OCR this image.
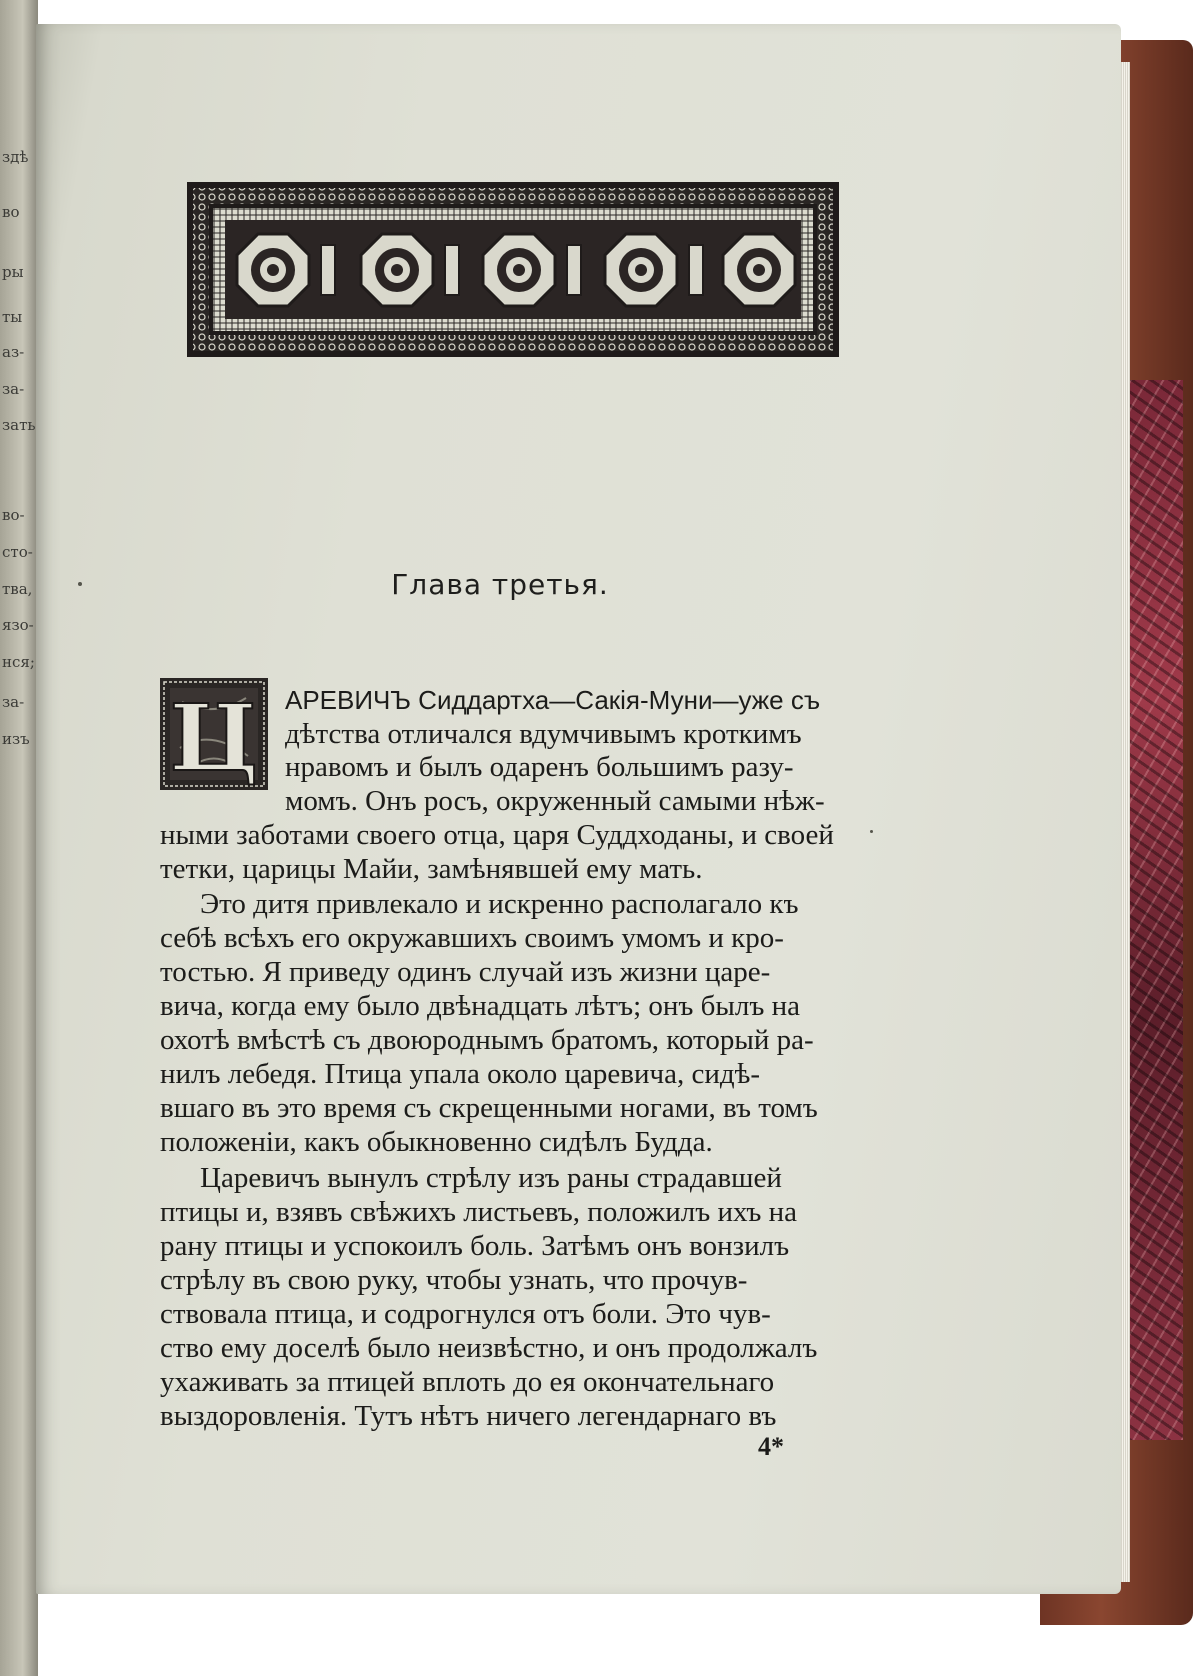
здѣ
во
ры
ты
аз-
за-
зать
во-
сто-
тва,
язо-
нся;
за-
изъ
Глава третья.
Ц АРЕВИЧЪ Сиддартха—Сакія-Муни—уже съ
дѣтства отличался вдумчивымъ кроткимъ
нравомъ и былъ одаренъ большимъ разу-
момъ. Онъ росъ, окруженный самыми нѣж-
ными заботами своего отца, царя Суддходаны, и своей
тетки, царицы Майи, замѣнявшей ему мать.
Это дитя привлекало и искренно располагало къ
себѣ всѣхъ его окружавшихъ своимъ умомъ и кро-
тостью. Я приведу одинъ случай изъ жизни царе-
вича, когда ему было двѣнадцать лѣтъ; онъ былъ на
охотѣ вмѣстѣ съ двоюроднымъ братомъ, который ра-
нилъ лебедя. Птица упала около царевича, сидѣ-
вшаго въ это время съ скрещенными ногами, въ томъ
положеніи, какъ обыкновенно сидѣлъ Будда.
Царевичъ вынулъ стрѣлу изъ раны страдавшей
птицы и, взявъ свѣжихъ листьевъ, положилъ ихъ на
рану птицы и успокоилъ боль. Затѣмъ онъ вонзилъ
стрѣлу въ свою руку, чтобы узнать, что прочув-
ствовала птица, и содрогнулся отъ боли. Это чув-
ство ему доселѣ было неизвѣстно, и онъ продолжалъ
ухаживать за птицей вплоть до ея окончательнаго
выздоровленія. Тутъ нѣтъ ничего легендарнаго въ
4*
